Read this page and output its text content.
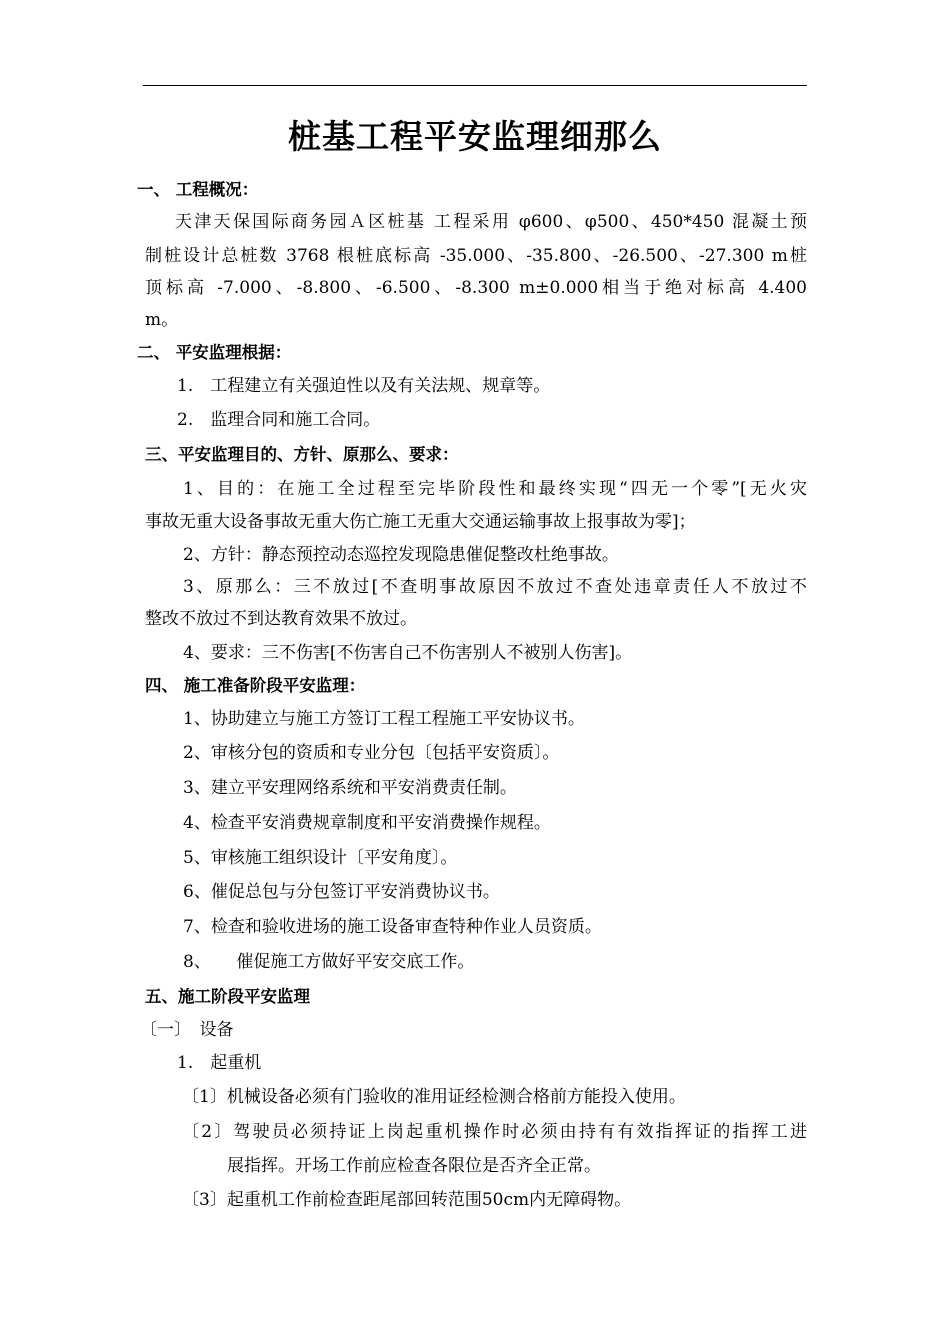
桩基工程平安监理细那么
一、 工程概况：
天津天保国际商务园Ａ区桩基 工程采用 φ600、φ500、450*450 混凝土预
制桩设计总桩数 3768 根桩底标高 -35.000、-35.800、-26.500、-27.300 m桩
顶标高 -7.000、-8.800、-6.500、-8.300 m±0.000相当于绝对标高 4.400
m。
二、 平安监理根据：
1.　工程建立有关强迫性以及有关法规、规章等。
2.　监理合同和施工合同。
三、平安监理目的、方针、原那么、要求：
1、目的：在施工全过程至完毕阶段性和最终实现“四无一个零”[无火灾
事故无重大设备事故无重大伤亡施工无重大交通运输事故上报事故为零]；
2、方针：静态预控动态巡控发现隐患催促整改杜绝事故。
3、原那么：三不放过[不查明事故原因不放过不查处违章责任人不放过不
整改不放过不到达教育效果不放过。
4、要求：三不伤害[不伤害自己不伤害别人不被别人伤害]。
四、 施工准备阶段平安监理：
1、协助建立与施工方签订工程工程施工平安协议书。
2、审核分包的资质和专业分包〔包括平安资质〕。
3、建立平安理网络系统和平安消费责任制。
4、检查平安消费规章制度和平安消费操作规程。
5、审核施工组织设计〔平安角度〕。
6、催促总包与分包签订平安消费协议书。
7、检查和验收进场的施工设备审查特种作业人员资质。
8、　　催促施工方做好平安交底工作。
五、施工阶段平安监理
〔一〕　设备
1.　起重机
〔1〕机械设备必须有门验收的准用证经检测合格前方能投入使用。
〔2〕驾驶员必须持证上岗起重机操作时必须由持有有效指挥证的指挥工进
展指挥。开场工作前应检查各限位是否齐全正常。
〔3〕起重机工作前检查距尾部回转范围50cm内无障碍物。
